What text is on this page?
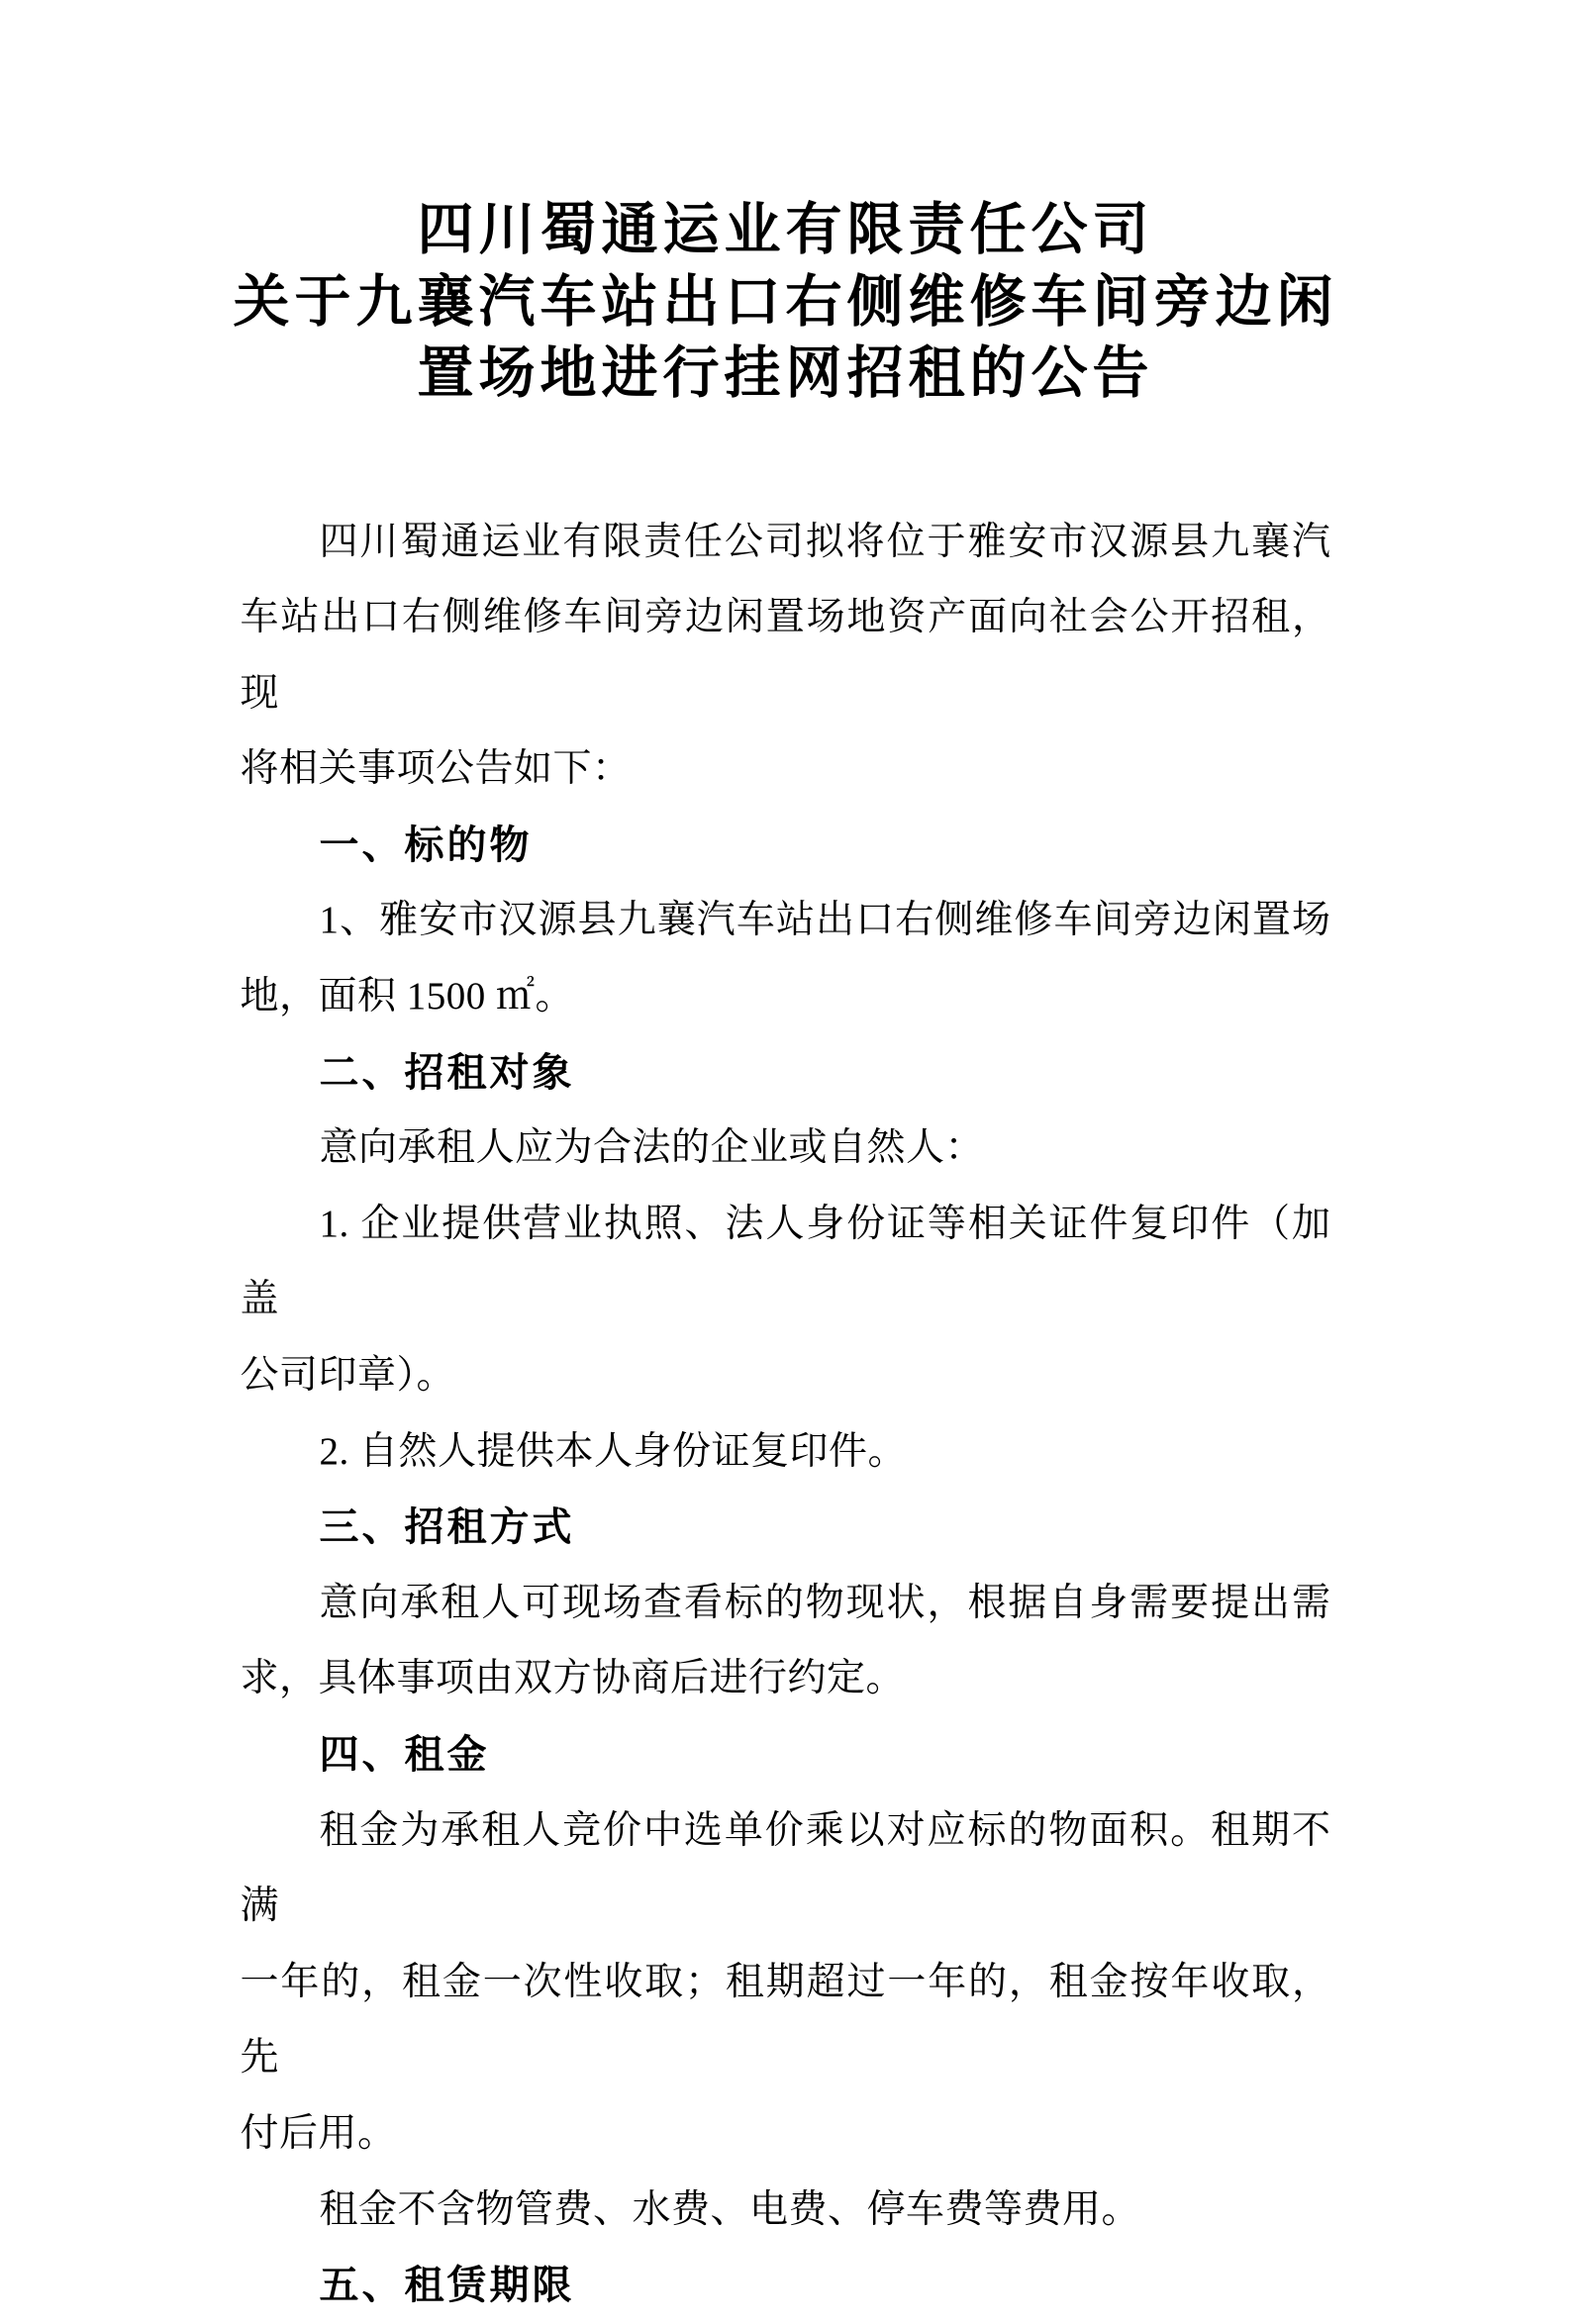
四川蜀通运业有限责任公司
关于九襄汽车站出口右侧维修车间旁边闲
置场地进行挂网招租的公告
四川蜀通运业有限责任公司拟将位于雅安市汉源县九襄汽
车站出口右侧维修车间旁边闲置场地资产面向社会公开招租，现
将相关事项公告如下：
一、标的物
1、雅安市汉源县九襄汽车站出口右侧维修车间旁边闲置场
地，面积 1500 ㎡。
二、招租对象
意向承租人应为合法的企业或自然人：
1. 企业提供营业执照、法人身份证等相关证件复印件（加盖
公司印章）。
2. 自然人提供本人身份证复印件。
三、招租方式
意向承租人可现场查看标的物现状，根据自身需要提出需
求，具体事项由双方协商后进行约定。
四、租金
租金为承租人竞价中选单价乘以对应标的物面积。租期不满
一年的，租金一次性收取；租期超过一年的，租金按年收取，先
付后用。
租金不含物管费、水费、电费、停车费等费用。
五、租赁期限
